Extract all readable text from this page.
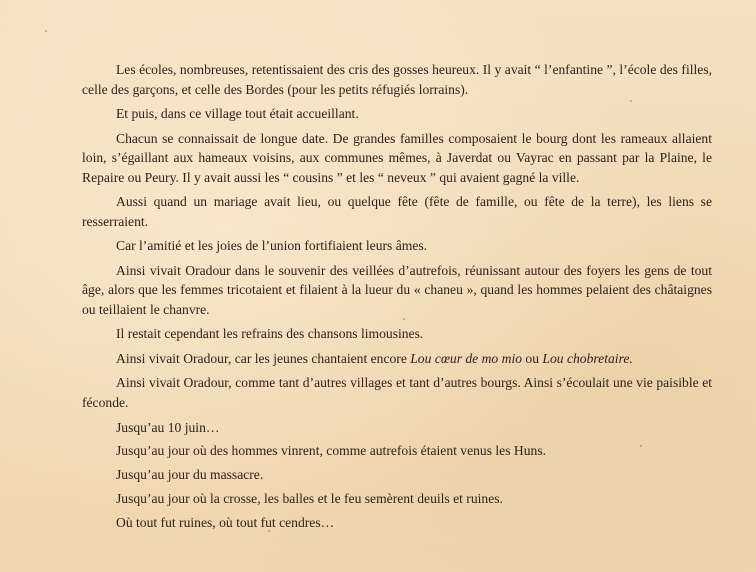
Les écoles, nombreuses, retentissaient des cris des gosses heureux. Il y avait “ l’enfantine ”, l’école des filles, celle des garçons, et celle des Bordes (pour les petits réfugiés lorrains).

Et puis, dans ce village tout était accueillant.

Chacun se connaissait de longue date. De grandes familles composaient le bourg dont les rameaux allaient loin, s’égaillant aux hameaux voisins, aux communes mêmes, à Javerdat ou Vayrac en passant par la Plaine, le Repaire ou Peury. Il y avait aussi les “ cousins ” et les “ neveux ” qui avaient gagné la ville.

Aussi quand un mariage avait lieu, ou quelque fête (fête de famille, ou fête de la terre), les liens se resserraient.

Car l’amitié et les joies de l’union fortifiaient leurs âmes.

Ainsi vivait Oradour dans le souvenir des veillées d’autrefois, réunissant autour des foyers les gens de tout âge, alors que les femmes tricotaient et filaient à la lueur du « chaneu », quand les hommes pelaient des châtaignes ou teillaient le chanvre.

Il restait cependant les refrains des chansons limousines.

Ainsi vivait Oradour, car les jeunes chantaient encore Lou cœur de mo mio ou Lou chobretaire.

Ainsi vivait Oradour, comme tant d’autres villages et tant d’autres bourgs. Ainsi s’écoulait une vie paisible et féconde.

Jusqu’au 10 juin…

Jusqu’au jour où des hommes vinrent, comme autrefois étaient venus les Huns.

Jusqu’au jour du massacre.

Jusqu’au jour où la crosse, les balles et le feu semèrent deuils et ruines.

Où tout fut ruines, où tout fut cendres…
